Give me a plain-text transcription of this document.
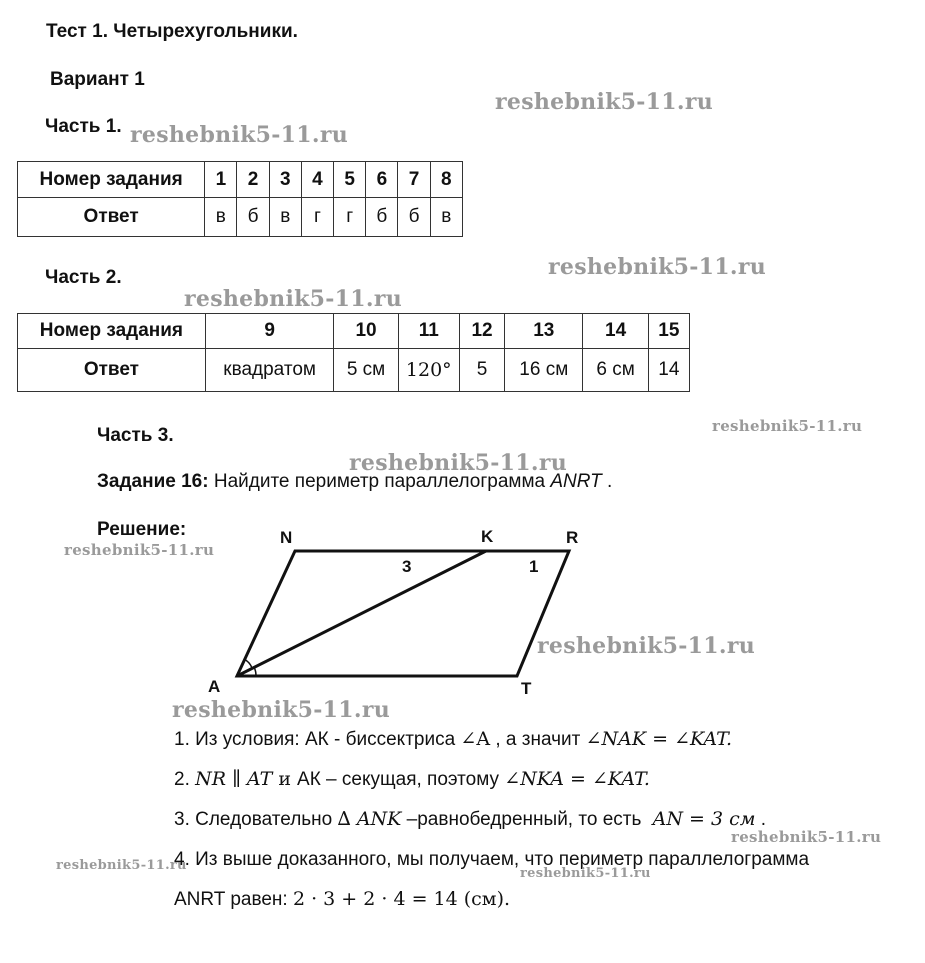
Тест 1. Четырехугольники.
Вариант 1
Часть 1.
Номер задания	1	2	3	4	5	6	7	8
Ответ	в	б	в	г	г	б	б	в
Часть 2.
Номер задания	9	10	11	12	13	14	15
Ответ	квадратом	5 см	120°	5	16 см	6 см	14
Часть 3.
Задание 16: Найдите периметр параллелограмма ANRT .
Решение:	N	K	R
A	T
3	1
1. Из условия: АК - биссектриса ∠A , а значит ∠NAK = ∠KAT.
2. NR ∥ AT и АК – секущая, поэтому ∠NKA = ∠KAT.
3. Следовательно ∆ ANK –равнобедренный, то есть AN = 3 см .
4. Из выше доказанного, мы получаем, что периметр параллелограмма
ANRT равен: 2 · 3 + 2 · 4 = 14 (см).
reshebnik5-11.ru
reshebnik5-11.ru
reshebnik5-11.ru
reshebnik5-11.ru
reshebnik5-11.ru
reshebnik5-11.ru
reshebnik5-11.ru
reshebnik5-11.ru
reshebnik5-11.ru
reshebnik5-11.ru
reshebnik5-11.ru
reshebnik5-11.ru
